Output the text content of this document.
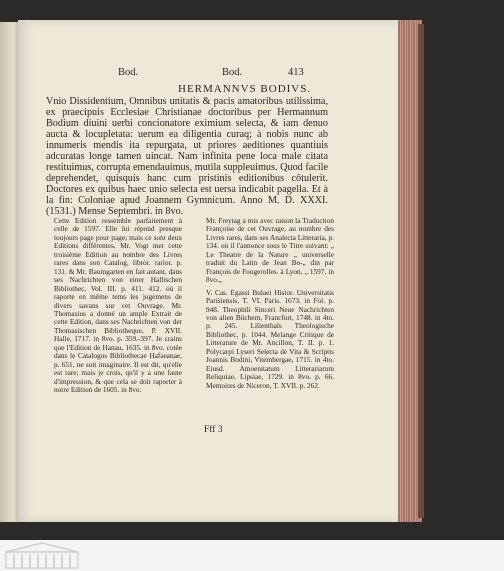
Bod.	Bod.	413
HERMANNVS BODIVS.

Vnio Dissidentium, Omnibus unitatis & pacis amatoribus utilissima, ex praecipuis Ecclesiae Christianae doctoribus per Hermannum Bodium diuini uerbi concionatore eximium selecta, & iam denuo aucta & locupletata: uerum ea diligentia curaq; à nobis nunc ab innumeris mendis ita repurgata, ut priores aeditiones quantiuis adcuratas longe tamen uincat. Nam infinita pene loca male citata restituimus, corrupta emendauimus, mutila suppleuimus. Quod facile deprehendet, quisquis hanc cum pristinis editionibus côtulerit. Doctores ex quibus haec unio selecta est uersa indicabit pagella. Et à la fin: Coloniae apud Joannem Gymnicum. Anno M. D. XXXI. (1531.) Mense Septembri. in 8vo.

Cette Edition ressemble parfaitement à celle de 1597. Elle lui répond presque toujours page pour page; mais ce sont deux Editions différentes. Mr. Vogt met cette troisième Edition au nombre des Livres rares dans son Catalog. libror. rarior. p. 131. & Mr. Baumgarten en fait autant, dans ses Nachrichten von einer Hallischen Bibliothec, Vol. III. p. 411. 412. où il raporte en même tems les jugemens de divers savans sur cet Ouvrage. Mr. Thomasius a donné un ample Extrait de cette Edition, dans ses Nachrichten von der Thomasischen Bibliotheque, P. XVII. Halle, 1717. in 8vo. p. 359.-397. Je crains que l'Edition de Hanau, 1635. in 8vo. cotée dans le Catalogus Bibliothecae Hafaeanae, p. 651. ne soit imaginaire. Il est dit, qu'elle est rare; mais je crois, qu'il y a une faute d'impression, & que cela se doit raporter à notre Edition de 1605. in 8vo.

Mr. Freytag a mis avec raison la Traduction Françoise de cet Ouvrage, au nombre des Livres rares, dans ses Analecta Litteraria, p. 134. où il l'annonce sous le Titre suivant: „ Le Theatre de la Nature „ universelle traduit du Latin de Jean Bo-„ din par François de Fougerolles. à Lyon, „ 1597. in 8vo.„

V. Cas. Egassi Bulaei Histor. Universitatis Parisiensis, T. VI. Paris. 1673. in Fol. p. 948. Theophili Sinceri Neue Nachrichten von alten Büchern, Francfurt, 1748. in 4to. p. 245. Lilienthals Theologische Bibliothec, p. 1044. Melange Critique de Litterature de Mr. Ancillon, T. II. p. 1. Polycarpi Lyseri Selecta de Vita & Scriptis Joannis Bodini, Vitembergae, 1715. in 4to. Eiusd. Amoenitatum Litterariarum Reliquiae, Lipsiae, 1729. in 8vo. p. 66. Memoires de Niceron, T. XVII. p. 262.

Fff 3
